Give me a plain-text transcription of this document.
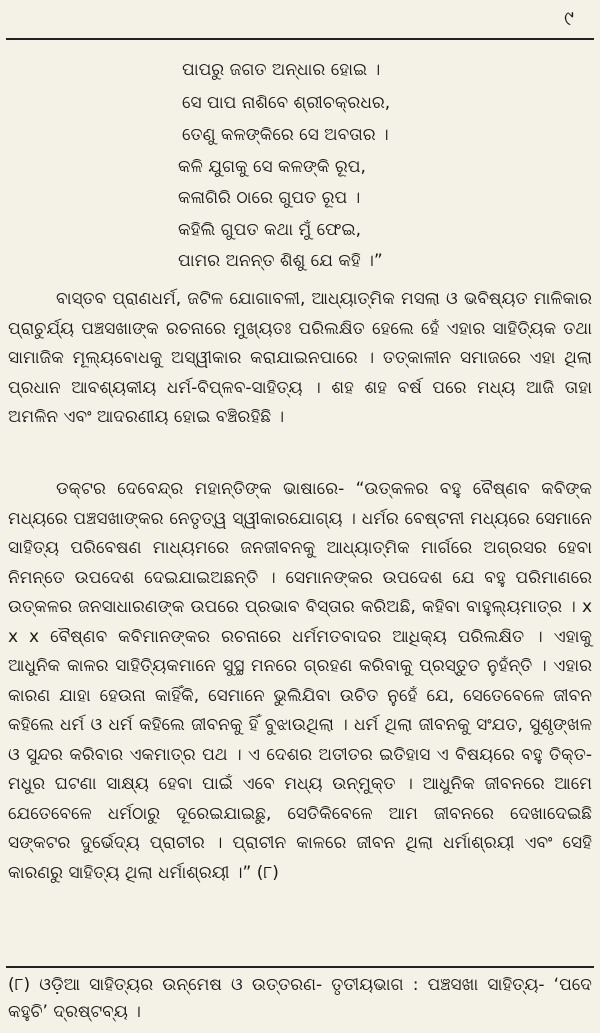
୯
ପାପରୁ ଜଗତ ଅନ୍ଧାର ହୋଇ ।
ସେ ପାପ ନାଶିବେ ଶ୍ରୀଚକ୍ରଧର,
ତେଣୁ କଳଙ୍କିରେ ସେ ଅବତାର ।
କଳି ଯୁଗକୁ ସେ କଳଙ୍କି ରୂପ,
କଳାଗିରି ଠାରେ ଗୁପତ ରୂପ ।
କହିଲି ଗୁପତ କଥା ମୁଁ ଫେଇ,
ପାମର ଅନନ୍ତ ଶିଶୁ ଯେ କହି ।”

ବାସ୍ତବ ପ୍ରାଣଧର୍ମ, ଜଟିଳ ଯୋଗାବଳୀ, ଆଧ୍ୟାତ୍ମିକ ମସଲା ଓ ଭବିଷ୍ୟତ ମାଳିକାର ପ୍ରାଚୁର୍ଯ୍ୟ ପଞ୍ଚସଖାଙ୍କ ରଚନାରେ ମୁଖ୍ୟତଃ ପରିଲକ୍ଷିତ ହେଲେ ହେଁ ଏହାର ସାହିତ୍ୟିକ ତଥା ସାମାଜିକ ମୂଲ୍ୟବୋଧକୁ ଅସ୍ୱୀକାର କରାଯାଇନପାରେ । ତତ୍କାଳୀନ ସମାଜରେ ଏହା ଥିଲା ପ୍ରଧାନ ଆବଶ୍ୟକୀୟ ଧର୍ମ-ବିପ୍ଳବ-ସାହିତ୍ୟ । ଶହ ଶହ ବର୍ଷ ପରେ ମଧ୍ୟ ଆଜି ତାହା ଅମଳିନ ଏବଂ ଆଦରଣୀୟ ହୋଇ ବଞ୍ଚିରହିଛି ।

ଡକ୍ଟର ଦେବେନ୍ଦ୍ର ମହାନ୍ତିଙ୍କ ଭାଷାରେ- “ଉତ୍କଳର ବହୁ ବୈଷ୍ଣବ କବିଙ୍କ ମଧ୍ୟରେ ପଞ୍ଚସଖାଙ୍କର ନେତୃତ୍ୱ ସ୍ୱୀକାରଯୋଗ୍ୟ । ଧର୍ମର ବେଷ୍ଟନୀ ମଧ୍ୟରେ ସେମାନେ ସାହିତ୍ୟ ପରିବେଷଣ ମାଧ୍ୟମରେ ଜନଜୀବନକୁ ଆଧ୍ୟାତ୍ମିକ ମାର୍ଗରେ ଅଗ୍ରସର ହେବା ନିମନ୍ତେ ଉପଦେଶ ଦେଇଯାଇଅଛନ୍ତି । ସେମାନଙ୍କର ଉପଦେଶ ଯେ ବହୁ ପରିମାଣରେ ଉତ୍କଳର ଜନସାଧାରଣଙ୍କ ଉପରେ ପ୍ରଭାବ ବିସ୍ତାର କରିଅଛି, କହିବା ବାହୁଲ୍ୟମାତ୍ର । x x x ବୈଷ୍ଣବ କବିମାନଙ୍କର ରଚନାରେ ଧର୍ମମତବାଦର ଆଧିକ୍ୟ ପରିଲକ୍ଷିତ । ଏହାକୁ ଆଧୁନିକ କାଳର ସାହିତ୍ୟିକମାନେ ସୁସ୍ଥ ମନରେ ଗ୍ରହଣ କରିବାକୁ ପ୍ରସ୍ତୁତ ନୁହଁନ୍ତି । ଏହାର କାରଣ ଯାହା ହେଉନା କାହିଁକି, ସେମାନେ ଭୁଲିଯିବା ଉଚିତ ନୁହେଁ ଯେ, ସେତେବେଳେ ଜୀବନ କହିଲେ ଧର୍ମ ଓ ଧର୍ମ କହିଲେ ଜୀବନକୁ ହିଁ ବୁଝାଉଥିଲା । ଧର୍ମ ଥିଲା ଜୀବନକୁ ସଂଯତ, ସୁଶୃଙ୍ଖଳ ଓ ସୁନ୍ଦର କରିବାର ଏକମାତ୍ର ପଥ । ଏ ଦେଶର ଅତୀତର ଇତିହାସ ଏ ବିଷୟରେ ବହୁ ତିକ୍ତ-ମଧୁର ଘଟଣା ସାକ୍ଷ୍ୟ ହେବା ପାଇଁ ଏବେ ମଧ୍ୟ ଉନ୍ମୁକ୍ତ । ଆଧୁନିକ ଜୀବନରେ ଆମେ ଯେତେବେଳେ ଧର୍ମଠାରୁ ଦୂରେଇଯାଇଛୁ, ସେତିକିବେଳେ ଆମ ଜୀବନରେ ଦେଖାଦେଇଛି ସଙ୍କଟର ଦୁର୍ଭେଦ୍ୟ ପ୍ରାଚୀର । ପ୍ରାଚୀନ କାଳରେ ଜୀବନ ଥିଲା ଧର୍ମାଶ୍ରୟୀ ଏବଂ ସେହି କାରଣରୁ ସାହିତ୍ୟ ଥିଲା ଧର୍ମାଶ୍ରୟୀ ।” (୮)

(୮) ଓଡ଼ିଆ ସାହିତ୍ୟର ଉନ୍ମେଷ ଓ ଉତ୍ତରଣ- ତୃତୀୟଭାଗ : ପଞ୍ଚସଖା ସାହିତ୍ୟ- ‘ପଦେ କହୁଚି’ ଦ୍ରଷ୍ଟବ୍ୟ ।
